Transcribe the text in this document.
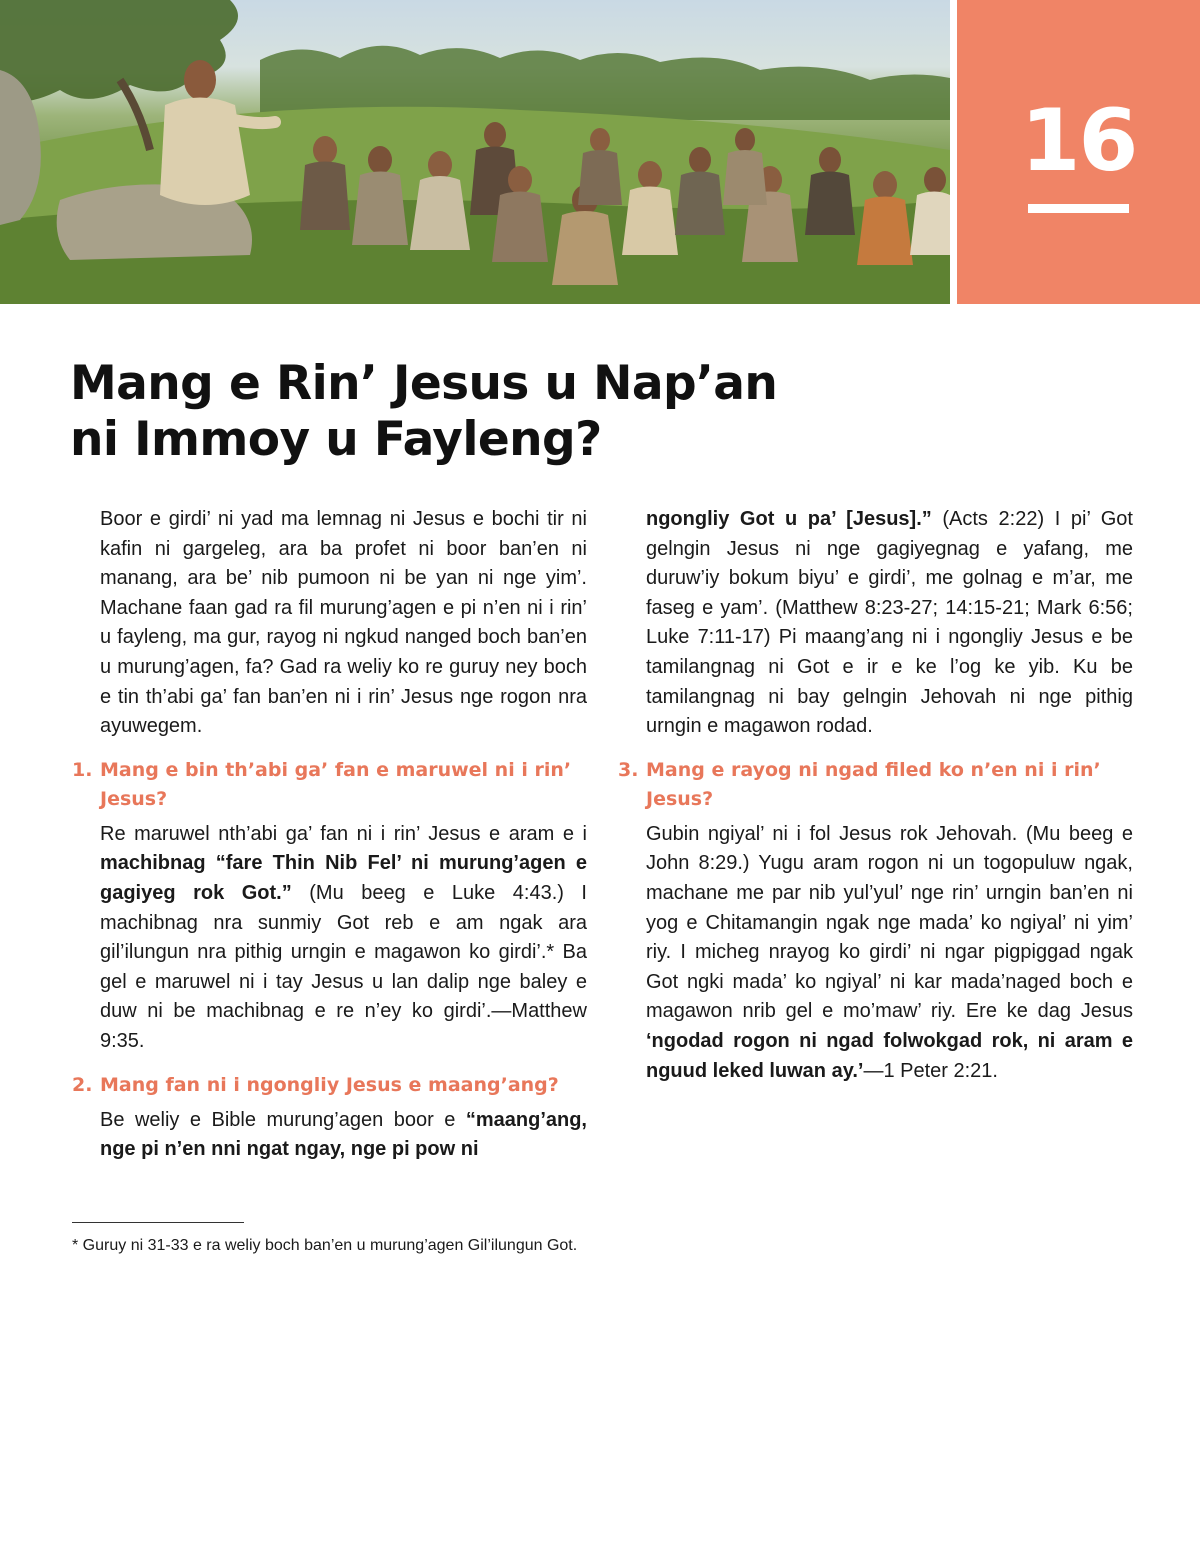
16
Mang e Rin’ Jesus u Nap’an
ni Immoy u Fayleng?

Boor e girdi’ ni yad ma lemnag ni Jesus e bochi tir ni kafin ni gargeleg, ara ba profet ni boor ban’en ni manang, ara be’ nib pumoon ni be yan ni nge yim’. Machane faan gad ra fil murung’agen e pi n’en ni i rin’ u fayleng, ma gur, rayog ni ngkud nanged boch ban’en u murung’agen, fa? Gad ra weliy ko re guruy ney boch e tin th’abi ga’ fan ban’en ni i rin’ Jesus nge rogon nra ayuwegem.

1. Mang e bin th’abi ga’ fan e maruwel ni i rin’ Jesus?

Re maruwel nth’abi ga’ fan ni i rin’ Jesus e aram e i machibnag “fare Thin Nib Fel’ ni murung’agen e gagiyeg rok Got.” (Mu beeg e Luke 4:43.) I machibnag nra sunmiy Got reb e am ngak ara gil’ilungun nra pithig urngin e magawon ko girdi’.* Ba gel e maruwel ni i tay Jesus u lan dalip nge baley e duw ni be machibnag e re n’ey ko girdi’.—Matthew 9:35.

2. Mang fan ni i ngongliy Jesus e maang’ang?

Be weliy e Bible murung’agen boor e “maang’ang, nge pi n’en nni ngat ngay, nge pi pow ni

ngongliy Got u pa’ [Jesus].” (Acts 2:22) I pi’ Got gelngin Jesus ni nge gagiyegnag e yafang, me duruw’iy bokum biyu’ e girdi’, me golnag e m’ar, me faseg e yam’. (Matthew 8:23-27; 14:15-21; Mark 6:56; Luke 7:11-17) Pi maang’ang ni i ngongliy Jesus e be tamilangnag ni Got e ir e ke l’og ke yib. Ku be tamilangnag ni bay gelngin Jehovah ni nge pithig urngin e magawon rodad.

3. Mang e rayog ni ngad filed ko n’en ni i rin’ Jesus?

Gubin ngiyal’ ni i fol Jesus rok Jehovah. (Mu beeg e John 8:29.) Yugu aram rogon ni un togopuluw ngak, machane me par nib yul’yul’ nge rin’ urngin ban’en ni yog e Chitamangin ngak nge mada’ ko ngiyal’ ni yim’ riy. I micheg nrayog ko girdi’ ni ngar pigpiggad ngak Got ngki mada’ ko ngiyal’ ni kar mada’naged boch e magawon nrib gel e mo’maw’ riy. Ere ke dag Jesus ‘ngodad rogon ni ngad folwokgad rok, ni aram e nguud leked luwan ay.’—1 Peter 2:21.

* Guruy ni 31-33 e ra weliy boch ban’en u murung’agen Gil’ilungun Got.
